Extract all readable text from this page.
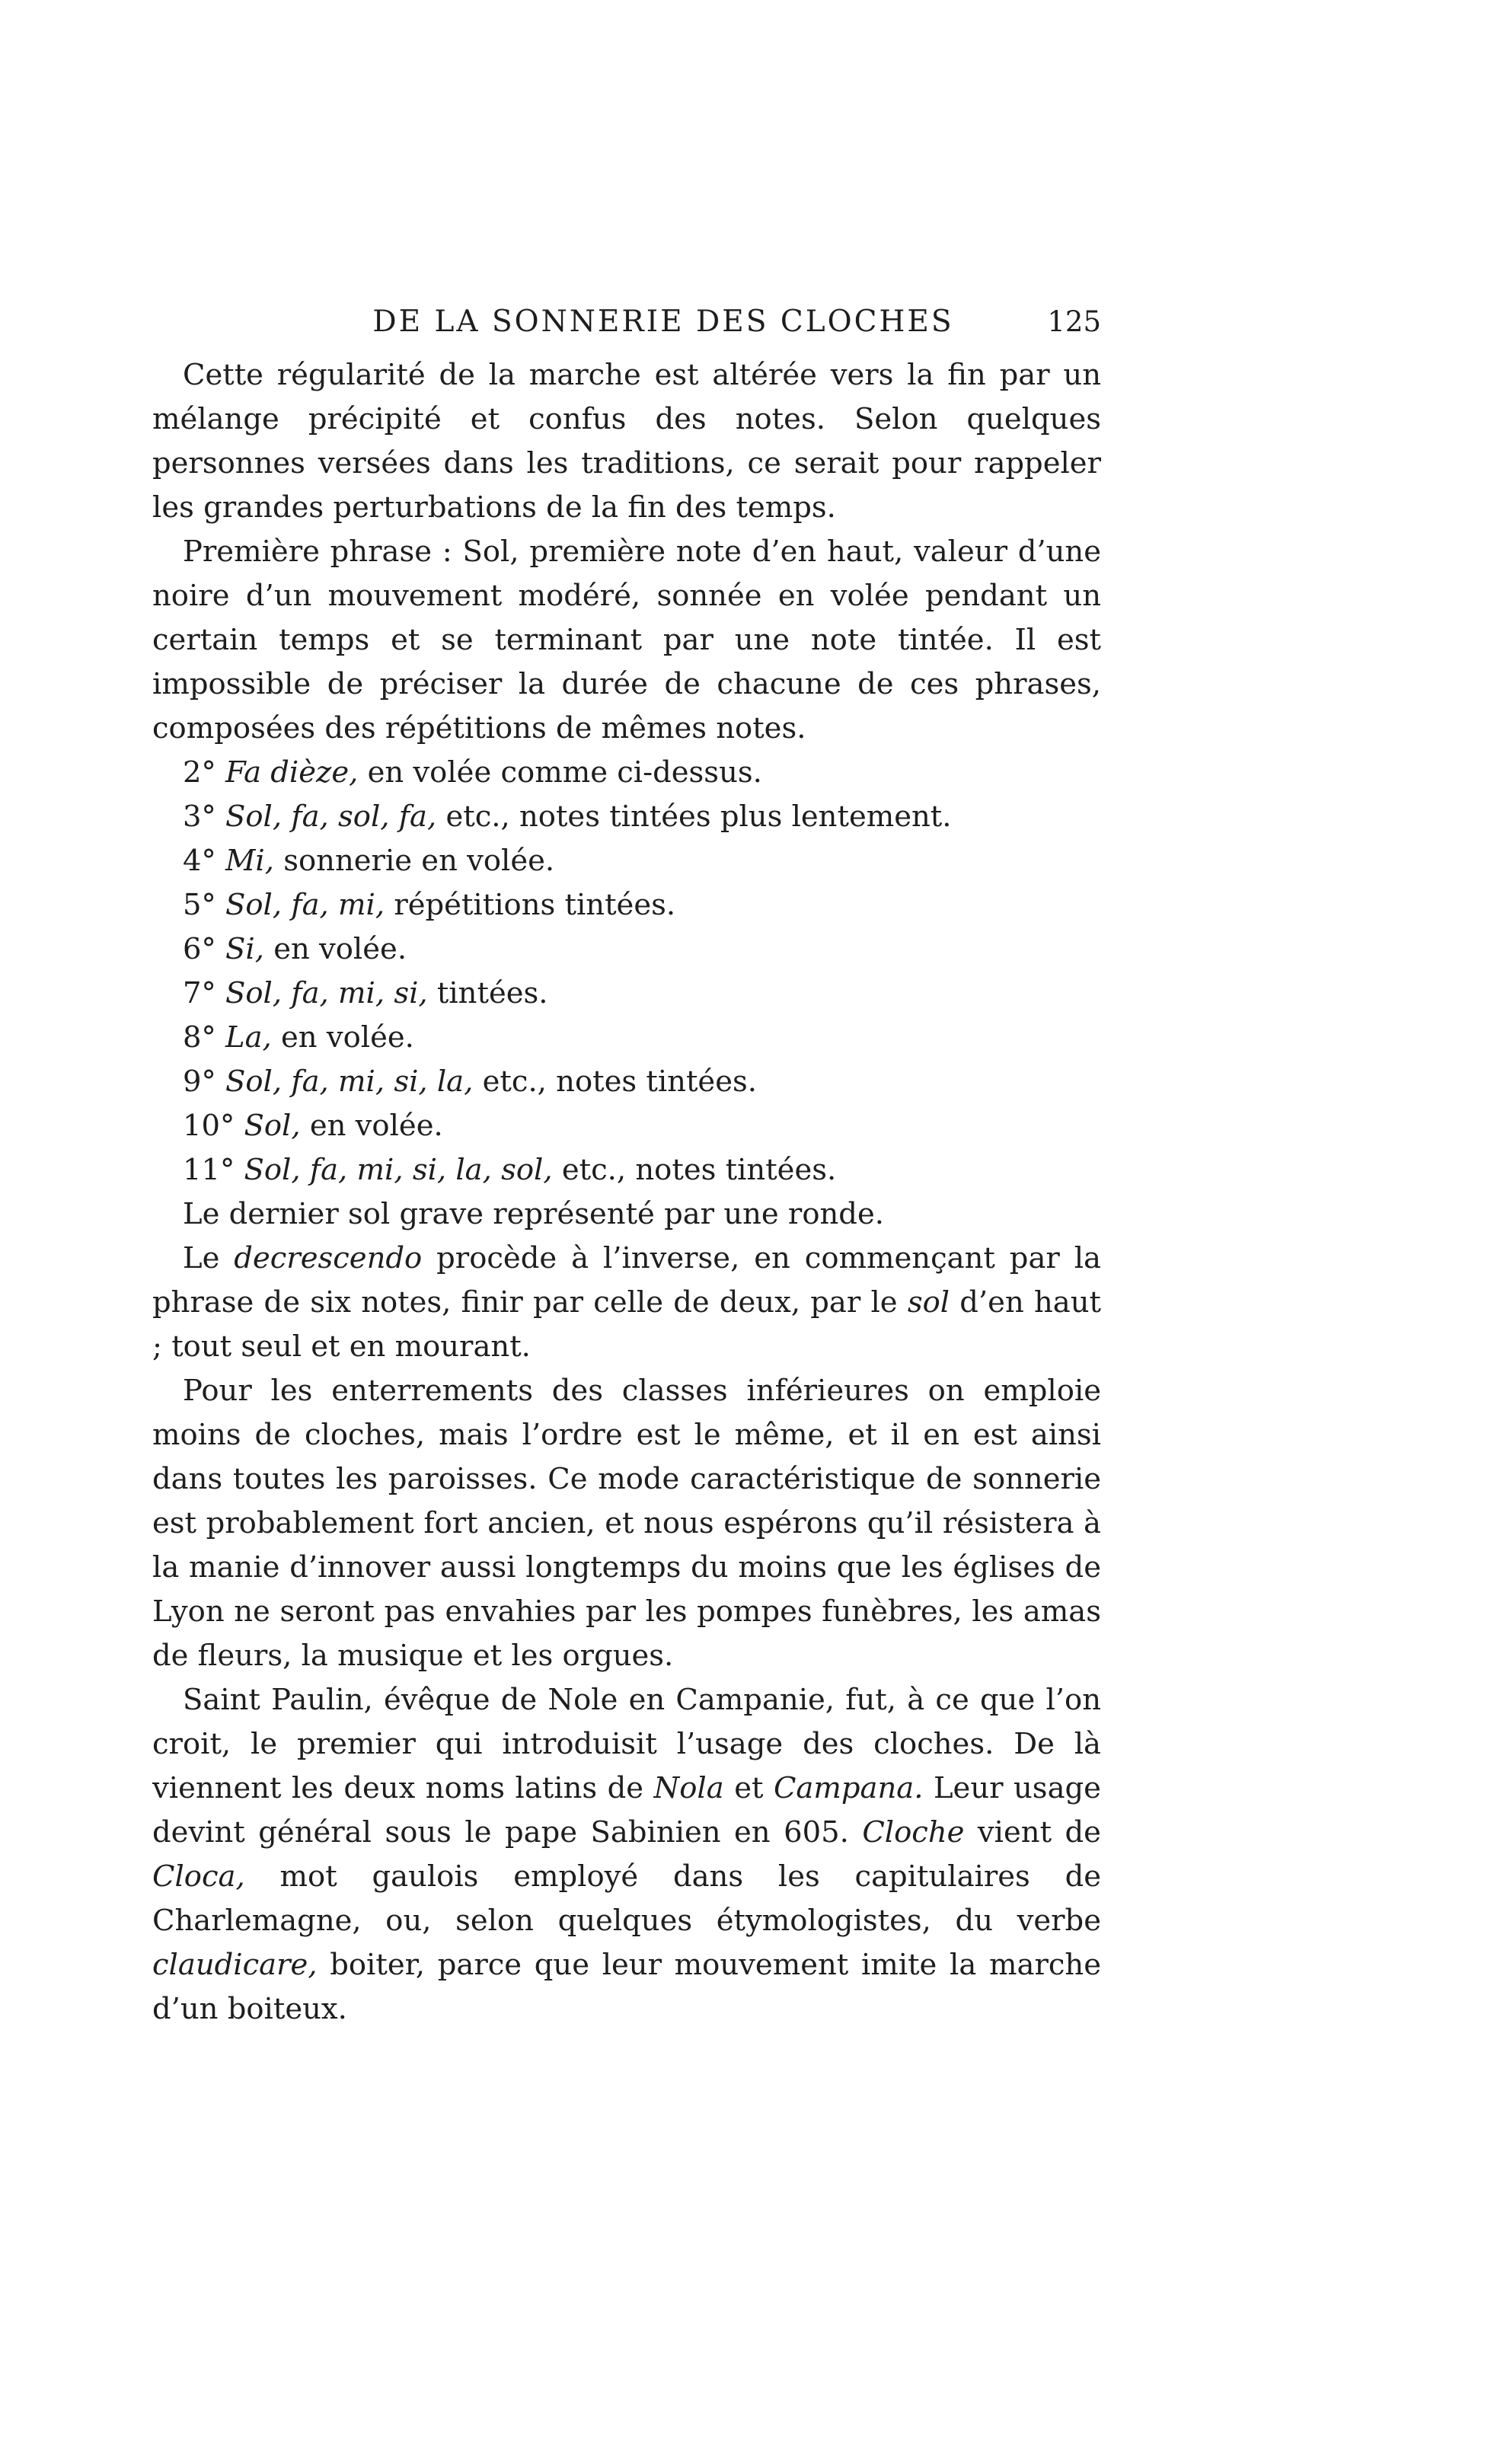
DE LA SONNERIE DES CLOCHES	125

Cette régularité de la marche est altérée vers la fin par un mélange précipité et confus des notes. Selon quelques personnes versées dans les traditions, ce serait pour rappeler les grandes perturbations de la fin des temps.

Première phrase : Sol, première note d’en haut, valeur d’une noire d’un mouvement modéré, sonnée en volée pendant un certain temps et se terminant par une note tintée. Il est impossible de préciser la durée de chacune de ces phrases, composées des répétitions de mêmes notes.

2° Fa dièze, en volée comme ci-dessus.

3° Sol, fa, sol, fa, etc., notes tintées plus lentement.

4° Mi, sonnerie en volée.

5° Sol, fa, mi, répétitions tintées.

6° Si, en volée.

7° Sol, fa, mi, si, tintées.

8° La, en volée.

9° Sol, fa, mi, si, la, etc., notes tintées.

10° Sol, en volée.

11° Sol, fa, mi, si, la, sol, etc., notes tintées.

Le dernier sol grave représenté par une ronde.

Le decrescendo procède à l’inverse, en commençant par la phrase de six notes, finir par celle de deux, par le sol d’en haut ; tout seul et en mourant.

Pour les enterrements des classes inférieures on emploie moins de cloches, mais l’ordre est le même, et il en est ainsi dans toutes les paroisses. Ce mode caractéristique de sonnerie est probablement fort ancien, et nous espérons qu’il résistera à la manie d’innover aussi longtemps du moins que les églises de Lyon ne seront pas envahies par les pompes funèbres, les amas de fleurs, la musique et les orgues.

Saint Paulin, évêque de Nole en Campanie, fut, à ce que l’on croit, le premier qui introduisit l’usage des cloches. De là viennent les deux noms latins de Nola et Campana. Leur usage devint général sous le pape Sabinien en 605. Cloche vient de Cloca, mot gaulois employé dans les capitulaires de Charlemagne, ou, selon quelques étymologistes, du verbe claudicare, boiter, parce que leur mouvement imite la marche d’un boiteux.
